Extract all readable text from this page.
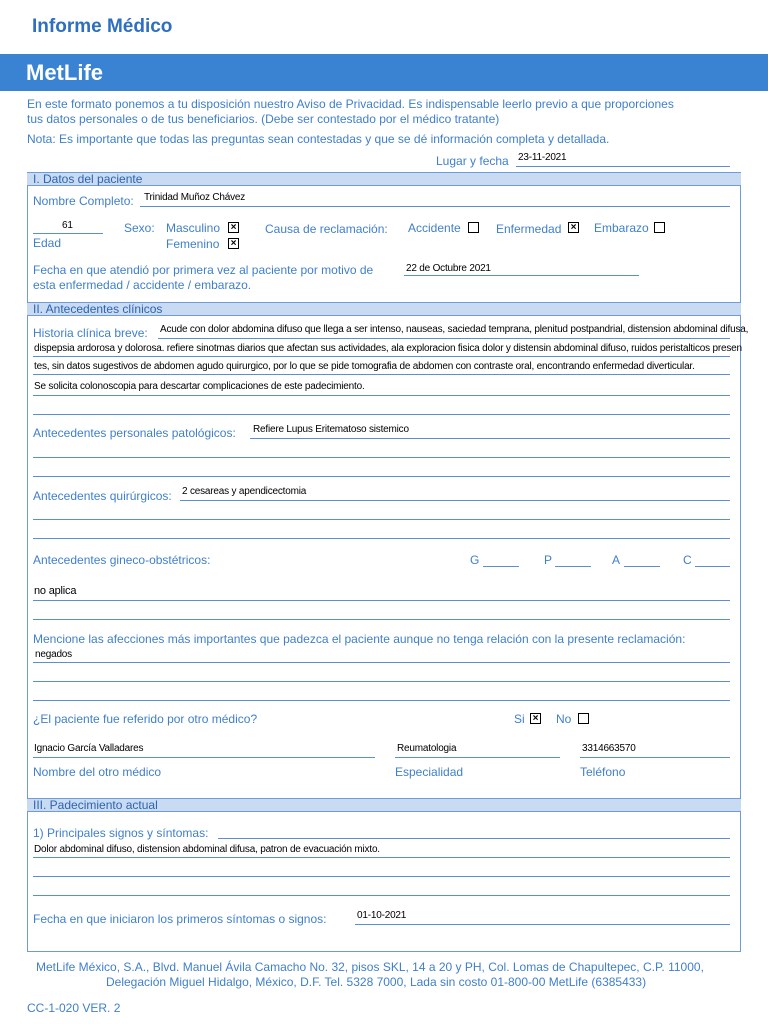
Informe Médico
MetLife
En este formato ponemos a tu disposición nuestro Aviso de Privacidad. Es indispensable leerlo previo a que proporciones
tus datos personales o de tus beneficiarios. (Debe ser contestado por el médico tratante)
Nota: Es importante que todas las preguntas sean contestadas y que se dé información completa y detallada.
Lugar y fecha 23-11-2021
I. Datos del paciente
Nombre Completo: Trinidad Muñoz Chávez
61
Edad
Sexo: Masculino ×
Femenino ×
Causa de reclamación: Accidente	Enfermedad × Embarazo
Fecha en que atendió por primera vez al paciente por motivo de
esta enfermedad / accidente / embarazo.
22 de Octubre 2021
II. Antecedentes clínicos
Historia clínica breve: Acude con dolor abdomina difuso que llega a ser intenso, nauseas, saciedad temprana, plenitud postpandrial, distension abdominal difusa,
dispepsia ardorosa y dolorosa. refiere sinotmas diarios que afectan sus actividades, ala exploracion fisica dolor y distensin abdominal difuso, ruidos peristalticos presen
tes, sin datos sugestivos de abdomen agudo quirurgico, por lo que se pide tomografia de abdomen con contraste oral, encontrando enfermedad diverticular.
Se solicita colonoscopia para descartar complicaciones de este padecimiento.
Antecedentes personales patológicos: Refiere Lupus Eritematoso sistemico
Antecedentes quirúrgicos: 2 cesareas y apendicectomia
Antecedentes gineco-obstétricos:	G	P	A	C
no aplica
Mencione las afecciones más importantes que padezca el paciente aunque no tenga relación con la presente reclamación:
negados
¿El paciente fue referido por otro médico?	Si × No
Ignacio García Valladares	Reumatologia	3314663570
Nombre del otro médico	Especialidad	Teléfono
III. Padecimiento actual
1) Principales signos y síntomas:
Dolor abdominal difuso, distension abdominal difusa, patron de evacuación mixto.
Fecha en que iniciaron los primeros síntomas o signos:	01-10-2021
MetLife México, S.A., Blvd. Manuel Ávila Camacho No. 32, pisos SKL, 14 a 20 y PH, Col. Lomas de Chapultepec, C.P. 11000,
Delegación Miguel Hidalgo, México, D.F. Tel. 5328 7000, Lada sin costo 01-800-00 MetLife (6385433)
CC-1-020 VER. 2
